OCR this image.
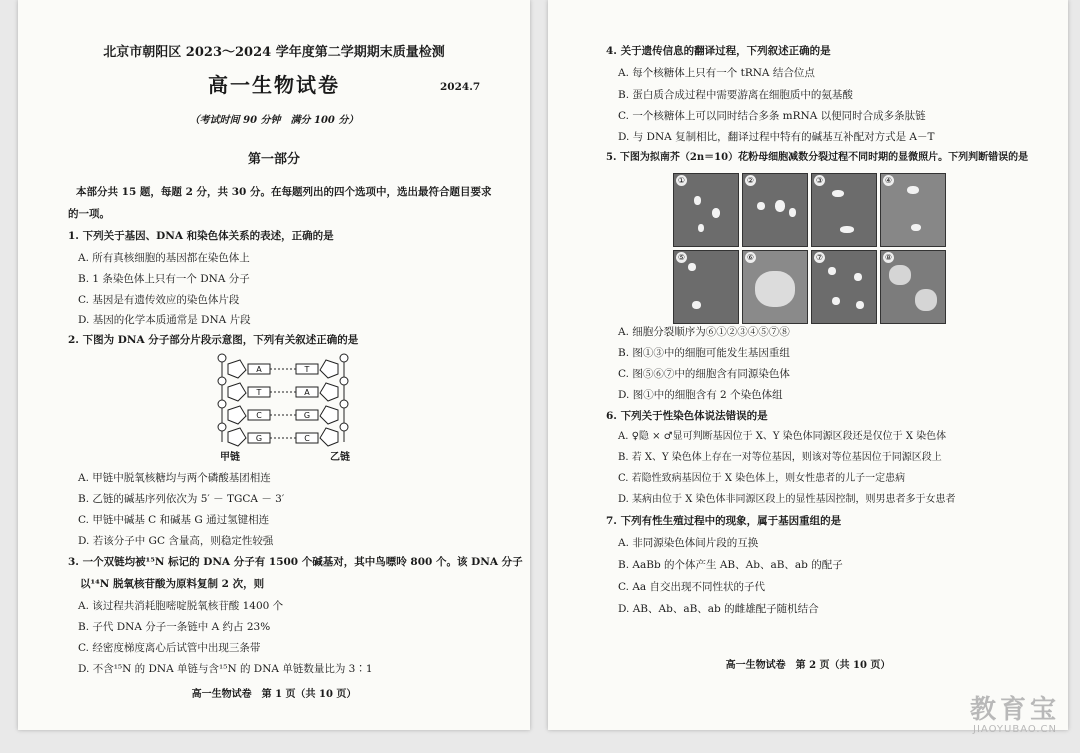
北京市朝阳区 2023～2024 学年度第二学期期末质量检测
高一生物试卷	2024.7
（考试时间 90 分钟　满分 100 分）
第一部分
本部分共 15 题，每题 2 分，共 30 分。在每题列出的四个选项中，选出最符合题目要求
的一项。
1. 下列关于基因、DNA 和染色体关系的表述，正确的是
A. 所有真核细胞的基因都在染色体上
B. 1 条染色体上只有一个 DNA 分子
C. 基因是有遗传效应的染色体片段
D. 基因的化学本质通常是 DNA 片段
2. 下图为 DNA 分子部分片段示意图，下列有关叙述正确的是
A	T
T	A
C	G
G	C
甲链	乙链
A. 甲链中脱氧核糖均与两个磷酸基团相连
B. 乙链的碱基序列依次为 5′ － TGCA － 3′
C. 甲链中碱基 C 和碱基 G 通过氢键相连
D. 若该分子中 GC 含量高，则稳定性较强
3. 一个双链均被¹⁵N 标记的 DNA 分子有 1500 个碱基对，其中鸟嘌呤 800 个。该 DNA 分子
以¹⁴N 脱氧核苷酸为原料复制 2 次，则
A. 该过程共消耗胞嘧啶脱氧核苷酸 1400 个
B. 子代 DNA 分子一条链中 A 约占 23%
C. 经密度梯度离心后试管中出现三条带
D. 不含¹⁵N 的 DNA 单链与含¹⁵N 的 DNA 单链数量比为 3∶1
高一生物试卷　第 1 页（共 10 页）
4. 关于遗传信息的翻译过程，下列叙述正确的是
A. 每个核糖体上只有一个 tRNA 结合位点
B. 蛋白质合成过程中需要游离在细胞质中的氨基酸
C. 一个核糖体上可以同时结合多条 mRNA 以便同时合成多条肽链
D. 与 DNA 复制相比，翻译过程中特有的碱基互补配对方式是 A－T
5. 下图为拟南芥（2n＝10）花粉母细胞减数分裂过程不同时期的显微照片。下列判断错误的是
①	②	③	④
⑤	⑥	⑦	⑧
A. 细胞分裂顺序为⑥①②③④⑤⑦⑧
B. 图①③中的细胞可能发生基因重组
C. 图⑤⑥⑦中的细胞含有同源染色体
D. 图①中的细胞含有 2 个染色体组
6. 下列关于性染色体说法错误的是
A. ♀隐 × ♂显可判断基因位于 X、Y 染色体同源区段还是仅位于 X 染色体
B. 若 X、Y 染色体上存在一对等位基因，则该对等位基因位于同源区段上
C. 若隐性致病基因位于 X 染色体上，则女性患者的儿子一定患病
D. 某病由位于 X 染色体非同源区段上的显性基因控制，则男患者多于女患者
7. 下列有性生殖过程中的现象，属于基因重组的是
A. 非同源染色体间片段的互换
B. AaBb 的个体产生 AB、Ab、aB、ab 的配子
C. Aa 自交出现不同性状的子代
D. AB、Ab、aB、ab 的雌雄配子随机结合
高一生物试卷　第 2 页（共 10 页）
教育宝
JIAOYUBAO.CN
